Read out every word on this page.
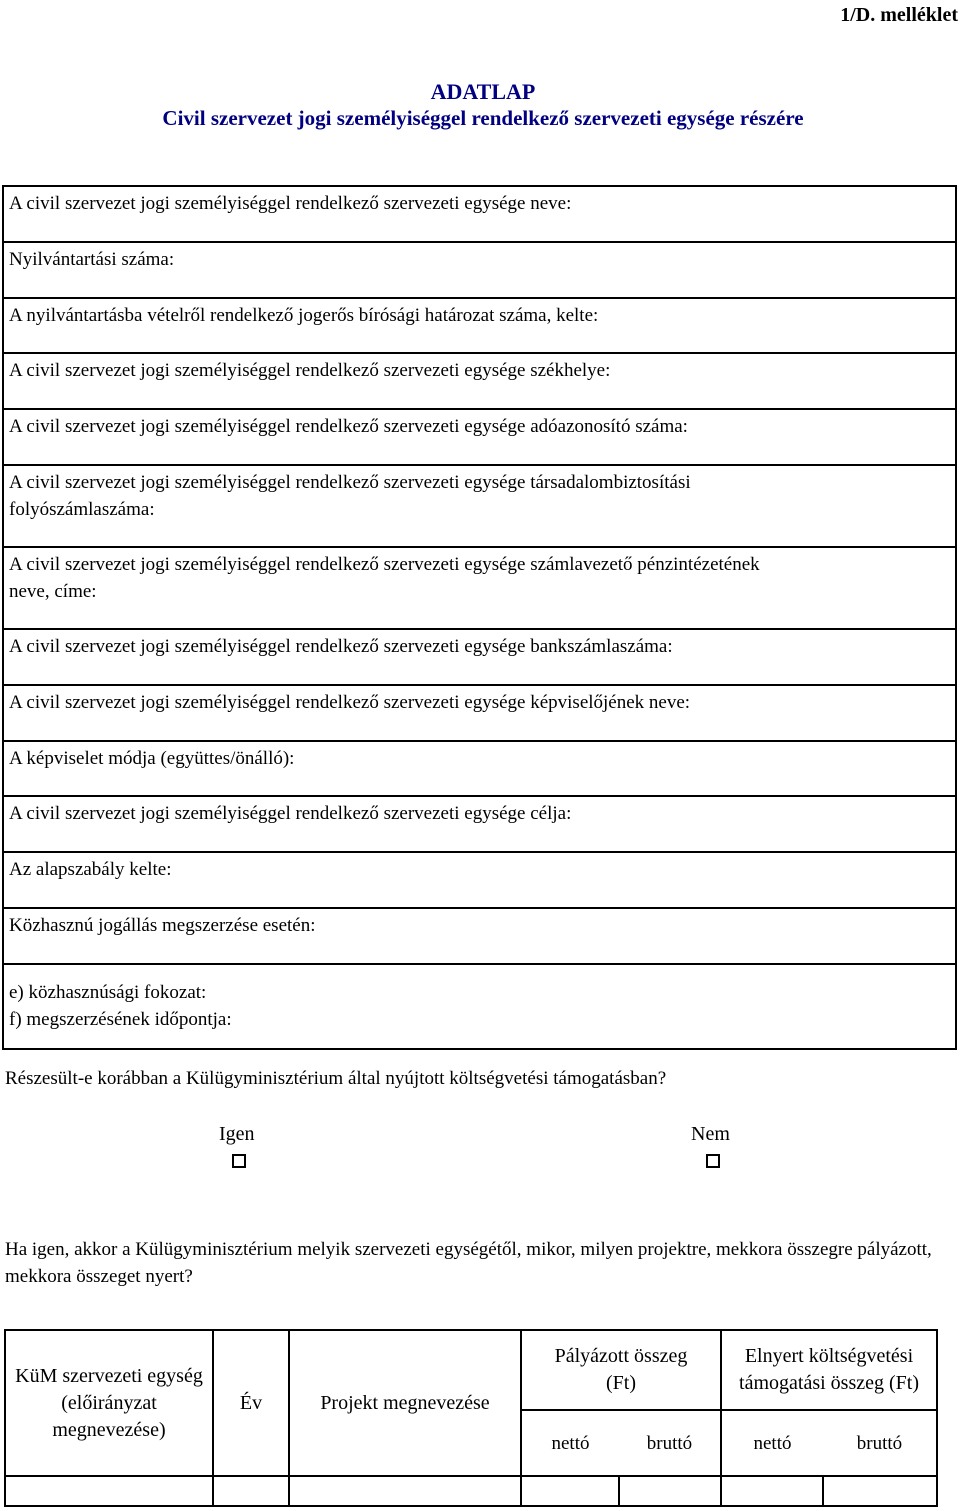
1/D. melléklet
ADATLAP
Civil szervezet jogi személyiséggel rendelkező szervezeti egysége részére
A civil szervezet jogi személyiséggel rendelkező szervezeti egysége neve:
Nyilvántartási száma:
A nyilvántartásba vételről rendelkező jogerős bírósági határozat száma, kelte:
A civil szervezet jogi személyiséggel rendelkező szervezeti egysége székhelye:
A civil szervezet jogi személyiséggel rendelkező szervezeti egysége adóazonosító száma:
A civil szervezet jogi személyiséggel rendelkező szervezeti egysége társadalombiztosítási
folyószámlaszáma:
A civil szervezet jogi személyiséggel rendelkező szervezeti egysége számlavezető pénzintézetének
neve, címe:
A civil szervezet jogi személyiséggel rendelkező szervezeti egysége bankszámlaszáma:
A civil szervezet jogi személyiséggel rendelkező szervezeti egysége képviselőjének neve:
A képviselet módja (együttes/önálló):
A civil szervezet jogi személyiséggel rendelkező szervezeti egysége célja:
Az alapszabály kelte:
Közhasznú jogállás megszerzése esetén:
e) közhasznúsági fokozat:
f) megszerzésének időpontja:
Részesült-e korábban a Külügyminisztérium által nyújtott költségvetési támogatásban?
Igen	Nem
Ha igen, akkor a Külügyminisztérium melyik szervezeti egységétől, mikor, milyen projektre, mekkora összegre pályázott, mekkora összeget nyert?
KüM szervezeti egység (előirányzat megnevezése)	Év	Projekt megnevezése	Pályázott összeg (Ft)		Elnyert költségvetési támogatási összeg (Ft)	
			nettó	bruttó	nettó	bruttó
